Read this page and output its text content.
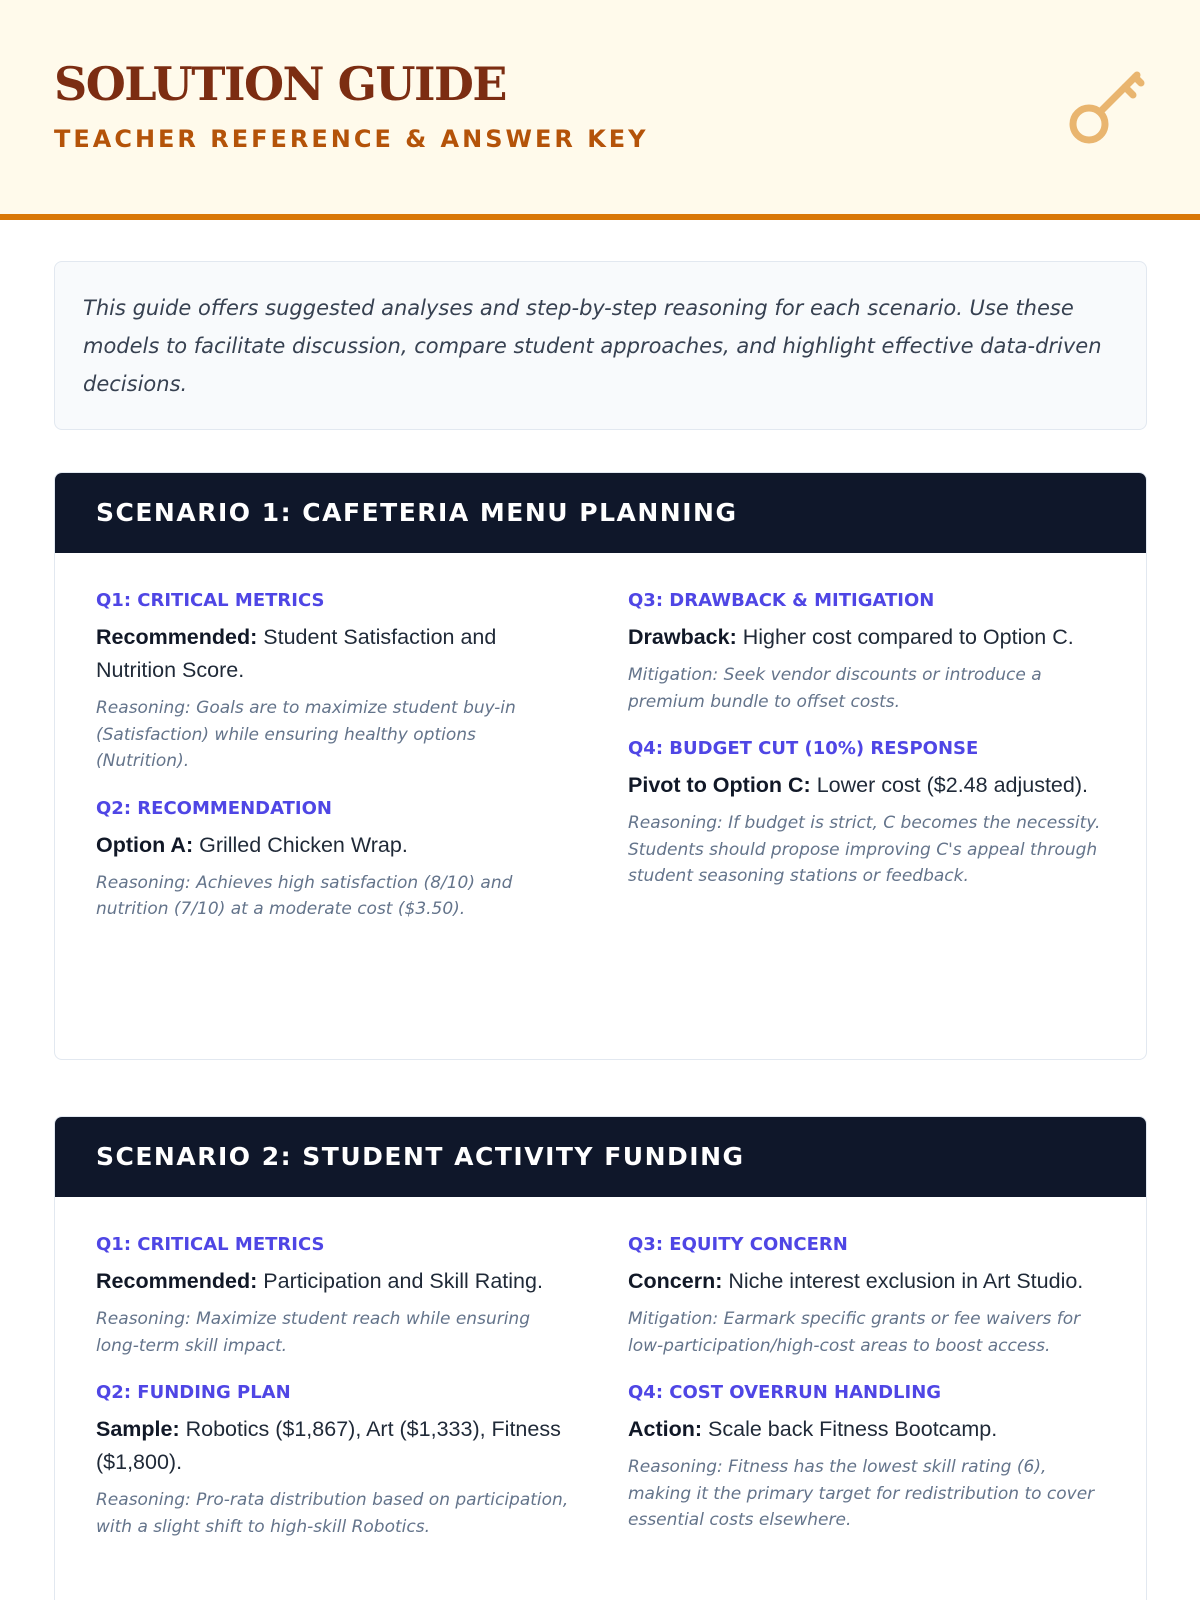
SOLUTION GUIDE
TEACHER REFERENCE & ANSWER KEY

This guide offers suggested analyses and step-by-step reasoning for each scenario. Use these models to facilitate discussion, compare student approaches, and highlight effective data-driven decisions.

SCENARIO 1: CAFETERIA MENU PLANNING
Q1: CRITICAL METRICS
Recommended: Student Satisfaction and Nutrition Score.
Reasoning: Goals are to maximize student buy-in (Satisfaction) while ensuring healthy options (Nutrition).
Q2: RECOMMENDATION
Option A: Grilled Chicken Wrap.
Reasoning: Achieves high satisfaction (8/10) and nutrition (7/10) at a moderate cost ($3.50).
Q3: DRAWBACK & MITIGATION
Drawback: Higher cost compared to Option C.
Mitigation: Seek vendor discounts or introduce a premium bundle to offset costs.
Q4: BUDGET CUT (10%) RESPONSE
Pivot to Option C: Lower cost ($2.48 adjusted).
Reasoning: If budget is strict, C becomes the necessity. Students should propose improving C's appeal through student seasoning stations or feedback.
SCENARIO 2: STUDENT ACTIVITY FUNDING
Q1: CRITICAL METRICS
Recommended: Participation and Skill Rating.
Reasoning: Maximize student reach while ensuring long-term skill impact.
Q2: FUNDING PLAN
Sample: Robotics ($1,867), Art ($1,333), Fitness ($1,800).
Reasoning: Pro-rata distribution based on participation, with a slight shift to high-skill Robotics.
Q3: EQUITY CONCERN
Concern: Niche interest exclusion in Art Studio.
Mitigation: Earmark specific grants or fee waivers for low-participation/high-cost areas to boost access.
Q4: COST OVERRUN HANDLING
Action: Scale back Fitness Bootcamp.
Reasoning: Fitness has the lowest skill rating (6), making it the primary target for redistribution to cover essential costs elsewhere.
